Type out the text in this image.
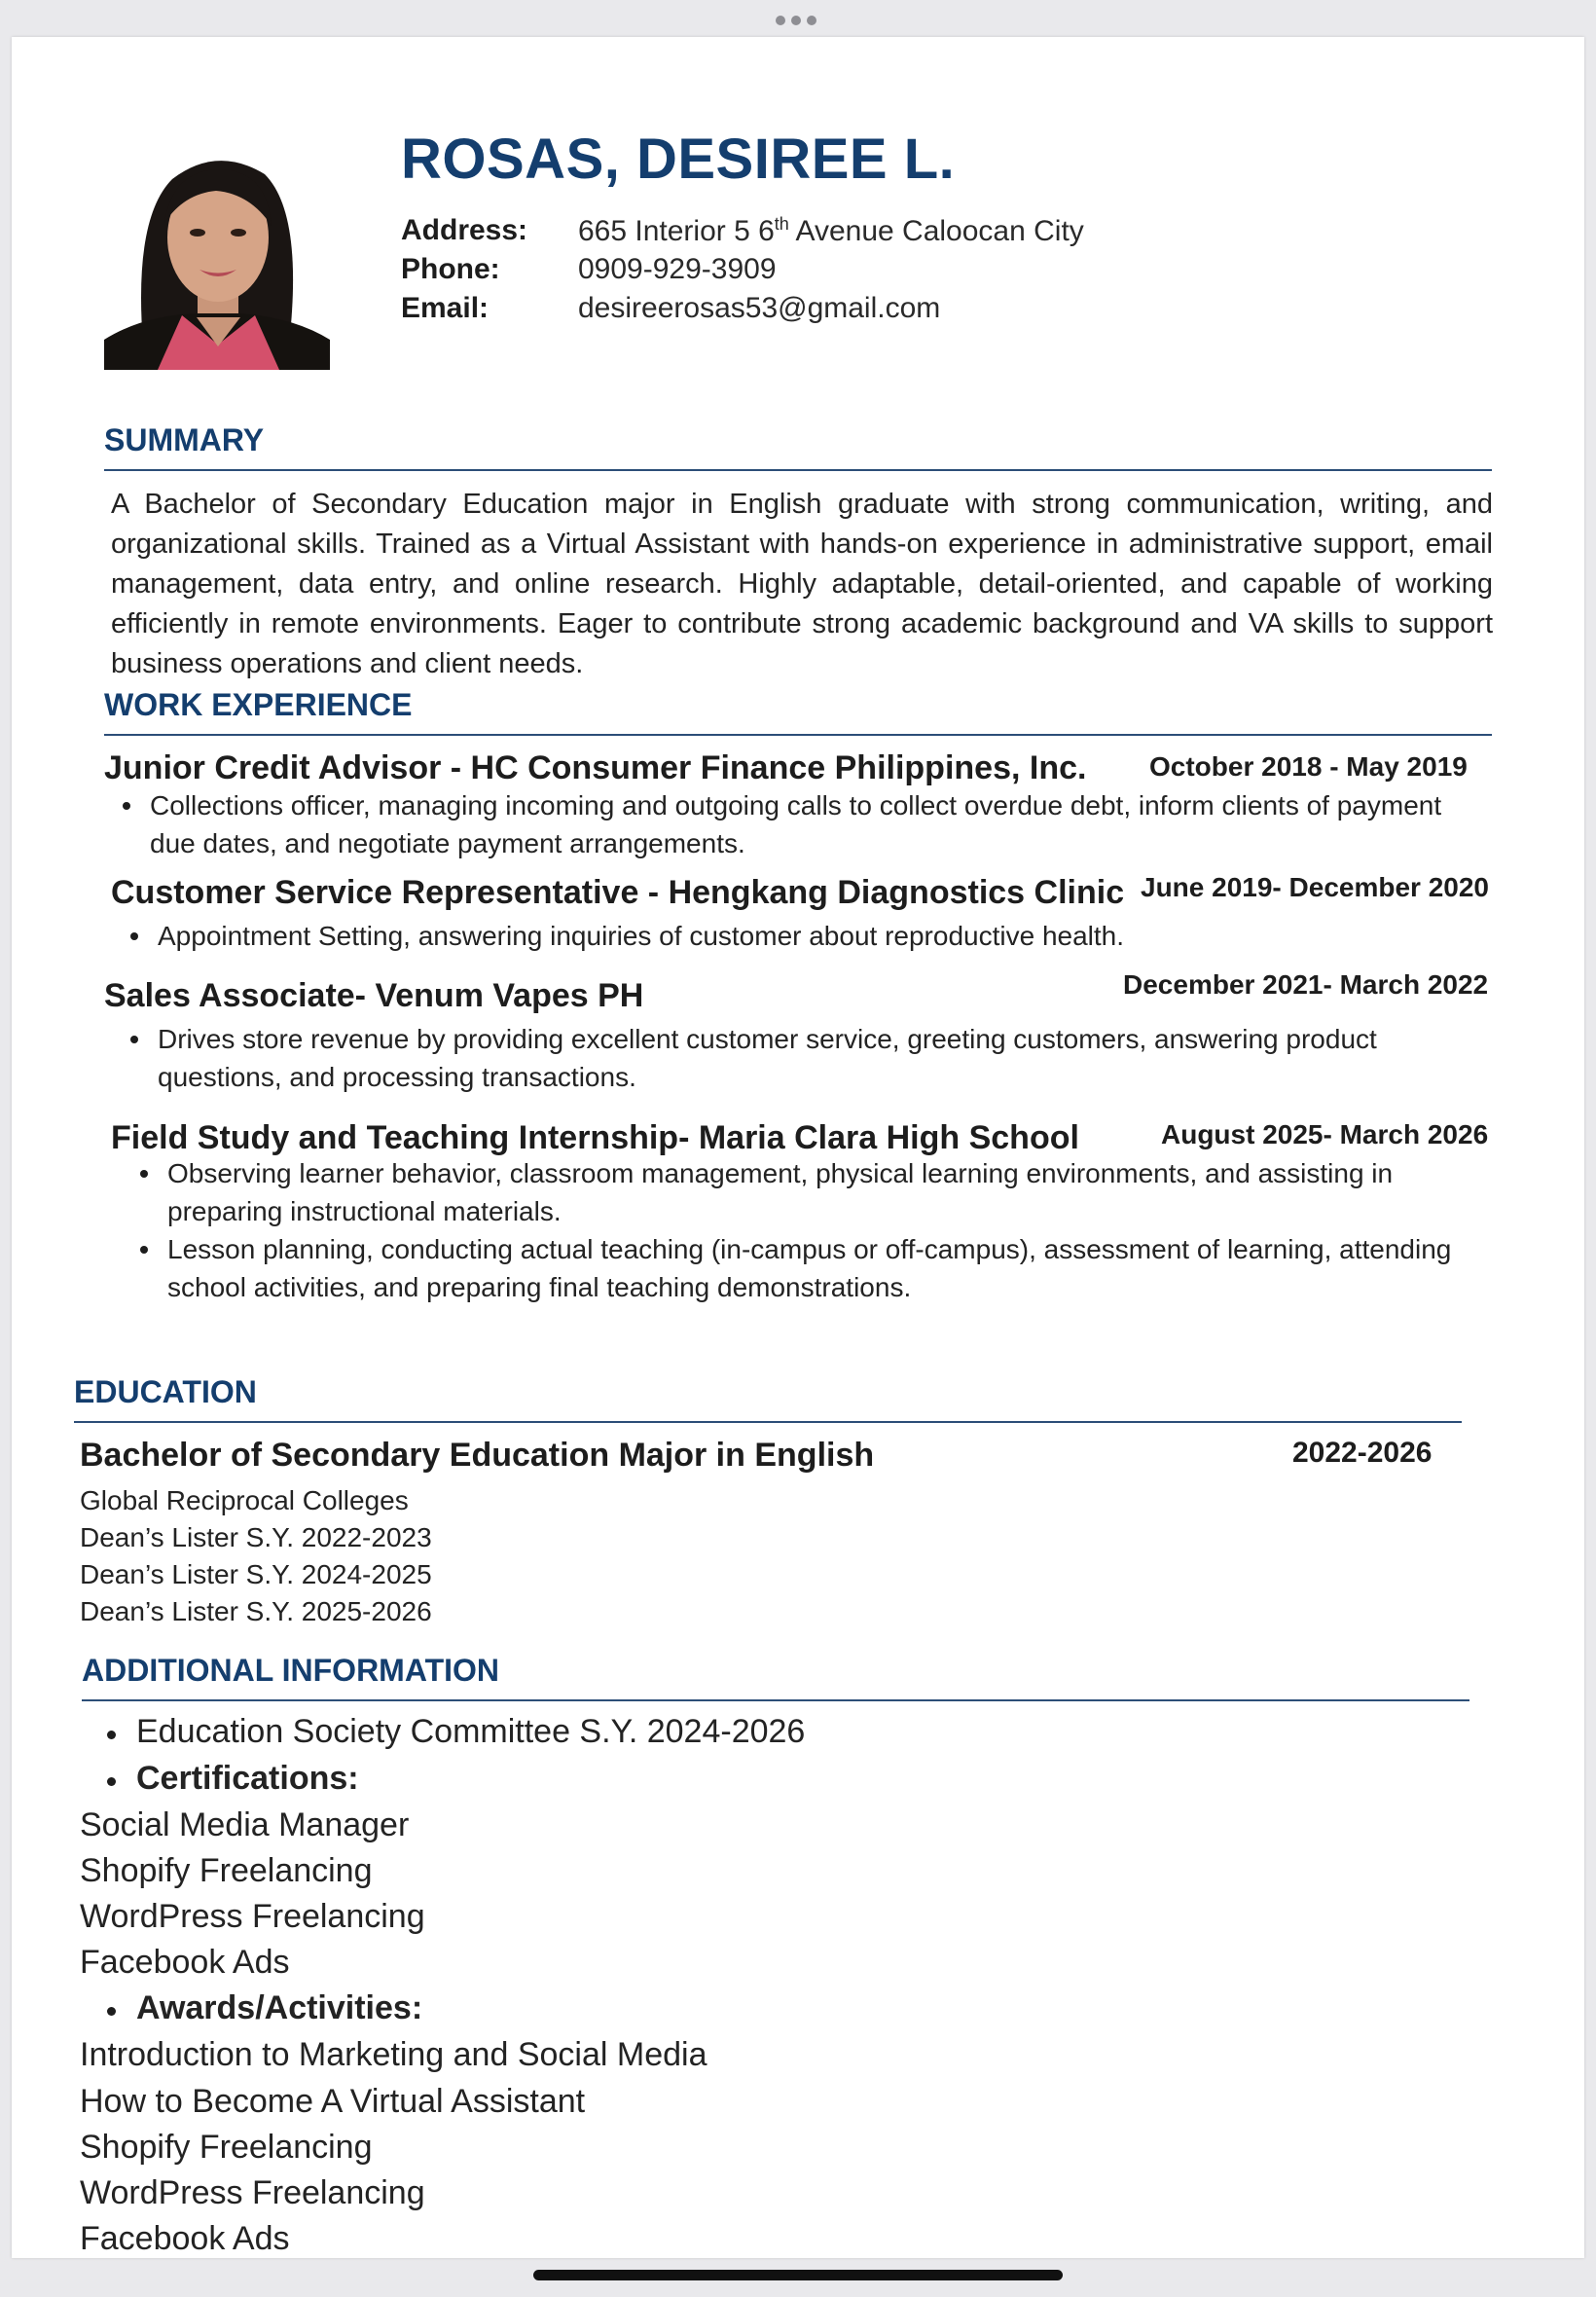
ROSAS, DESIREE L.
Address:	665 Interior 5 6th Avenue Caloocan City
Phone:	0909-929-3909
Email:	desireerosas53@gmail.com
SUMMARY
A Bachelor of Secondary Education major in English graduate with strong communication, writing, and organizational skills. Trained as a Virtual Assistant with hands-on experience in administrative support, email management, data entry, and online research. Highly adaptable, detail-oriented, and capable of working efficiently in remote environments. Eager to contribute strong academic background and VA skills to support business operations and client needs.
WORK EXPERIENCE
Junior Credit Advisor - HC Consumer Finance Philippines, Inc. October 2018 - May 2019
Collections officer, managing incoming and outgoing calls to collect overdue debt, inform clients of payment due dates, and negotiate payment arrangements.
Customer Service Representative - Hengkang Diagnostics Clinic June 2019- December 2020
Appointment Setting, answering inquiries of customer about reproductive health.
Sales Associate- Venum Vapes PH	December 2021- March 2022
Drives store revenue by providing excellent customer service, greeting customers, answering product questions, and processing transactions.
Field Study and Teaching Internship- Maria Clara High School	August 2025- March 2026
Observing learner behavior, classroom management, physical learning environments, and assisting in preparing instructional materials.
Lesson planning, conducting actual teaching (in-campus or off-campus), assessment of learning, attending school activities, and preparing final teaching demonstrations.
EDUCATION
Bachelor of Secondary Education Major in English	2022-2026
Global Reciprocal Colleges
Dean’s Lister S.Y. 2022-2023
Dean’s Lister S.Y. 2024-2025
Dean’s Lister S.Y. 2025-2026
ADDITIONAL INFORMATION
Education Society Committee S.Y. 2024-2026
Certifications:
Social Media Manager
Shopify Freelancing
WordPress Freelancing
Facebook Ads
Awards/Activities:
Introduction to Marketing and Social Media
How to Become A Virtual Assistant
Shopify Freelancing
WordPress Freelancing
Facebook Ads
